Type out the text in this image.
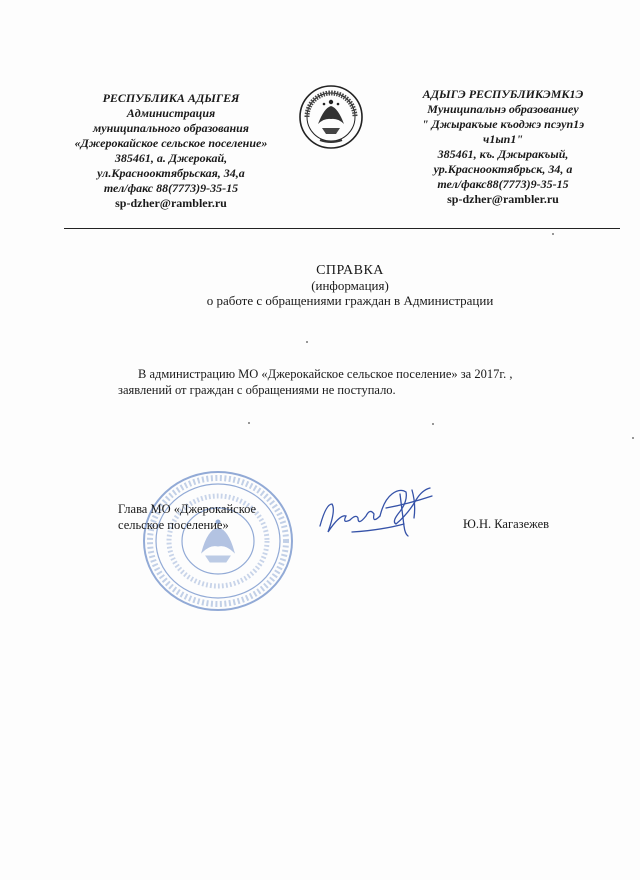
РЕСПУБЛИКА АДЫГЕЯ
Администрация
муниципального образования
«Джерокайское сельское поселение»
385461, а. Джерокай,
ул.Краснооктябрьская, 34,а
тел/факс 88(7773)9-35-15
sp-dzher@rambler.ru
АДЫГЭ РЕСПУБЛИКЭМК1Э
Муниципальнэ образованиеу
" Джыракъые къоджэ псэуп1э
ч1ып1"
385461, къ. Джыракъый,
ур.Краснооктябрьск, 34, а
тел/факс88(7773)9-35-15
sp-dzher@rambler.ru
СПРАВКА
(информация)
о работе с обращениями граждан в Администрации

В администрацию МО «Джерокайское сельское поселение» за 2017г. ,

заявлений от граждан с обращениями не поступало.

Глава МО «Джерокайское
сельское поселение»	Ю.Н. Кагазежев
